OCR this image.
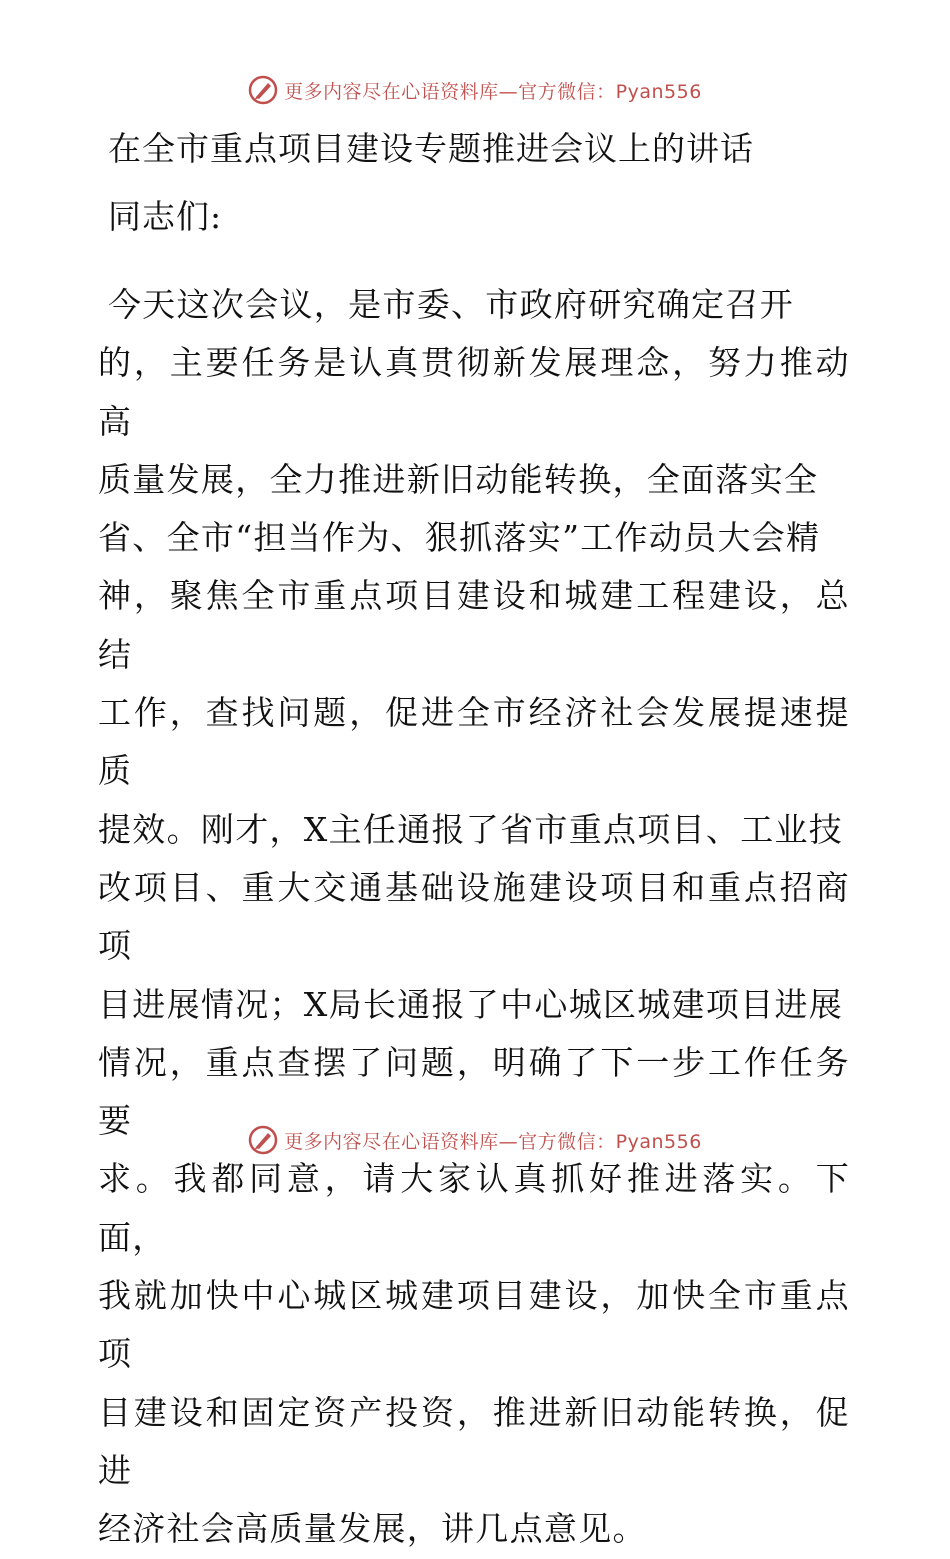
更多内容尽在心语资料库—官方微信：Pyan556
在全市重点项目建设专题推进会议上的讲话
同志们:
今天这次会议，是市委、市政府研究确定召开
的，主要任务是认真贯彻新发展理念，努力推动高
质量发展，全力推进新旧动能转换，全面落实全
省、全市“担当作为、狠抓落实”工作动员大会精
神，聚焦全市重点项目建设和城建工程建设，总结
工作，查找问题，促进全市经济社会发展提速提质
提效。刚才，X主任通报了省市重点项目、工业技
改项目、重大交通基础设施建设项目和重点招商项
目进展情况；X局长通报了中心城区城建项目进展
情况，重点查摆了问题，明确了下一步工作任务要
求。我都同意，请大家认真抓好推进落实。下面，
我就加快中心城区城建项目建设，加快全市重点项
目建设和固定资产投资，推进新旧动能转换，促进
经济社会高质量发展，讲几点意见。
更多内容尽在心语资料库—官方微信：Pyan556
